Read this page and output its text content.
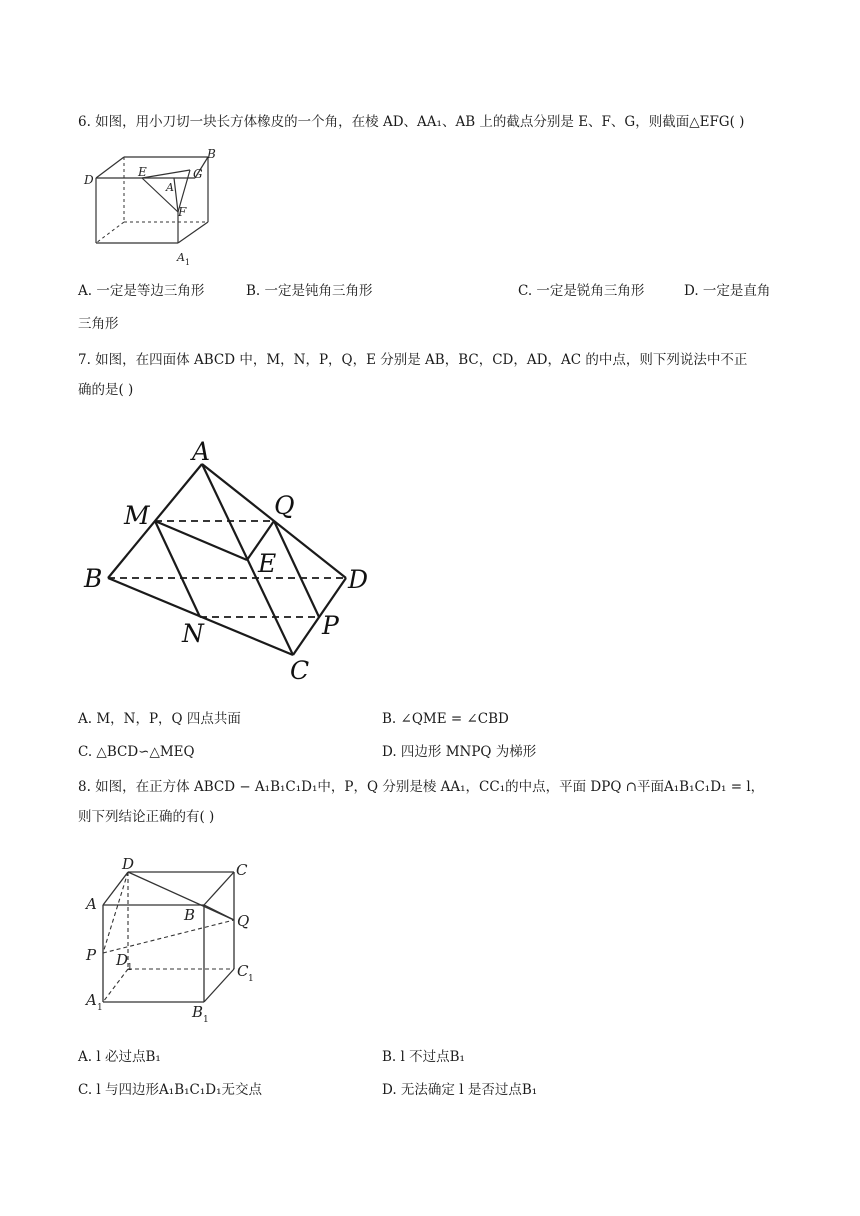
6. 如图，用小刀切一块长方体橡皮的一个角，在棱 AD、AA₁、AB 上的截点分别是 E、F、G，则截面△EFG( )
D
B
E
A
G
F
A 1
A. 一定是等边三角形	B. 一定是钝角三角形	C. 一定是锐角三角形	D. 一定是直角
三角形
7. 如图，在四面体 ABCD 中，M，N，P，Q，E 分别是 AB，BC，CD，AD，AC 的中点，则下列说法中不正
确的是( )
A
M	Q
E
B	D
N	P
C
A. M，N，P，Q 四点共面	B. ∠QME = ∠CBD
C. △BCD∽△MEQ	D. 四边形 MNPQ 为梯形
8. 如图，在正方体 ABCD − A₁B₁C₁D₁中，P，Q 分别是棱 AA₁，CC₁的中点，平面 DPQ ∩平面A₁B₁C₁D₁ = l，
则下列结论正确的有( )
D	C
A
B	Q
P D
1	C 1
A 1	B 1
A. l 必过点B₁	B. l 不过点B₁
C. l 与四边形A₁B₁C₁D₁无交点	D. 无法确定 l 是否过点B₁
